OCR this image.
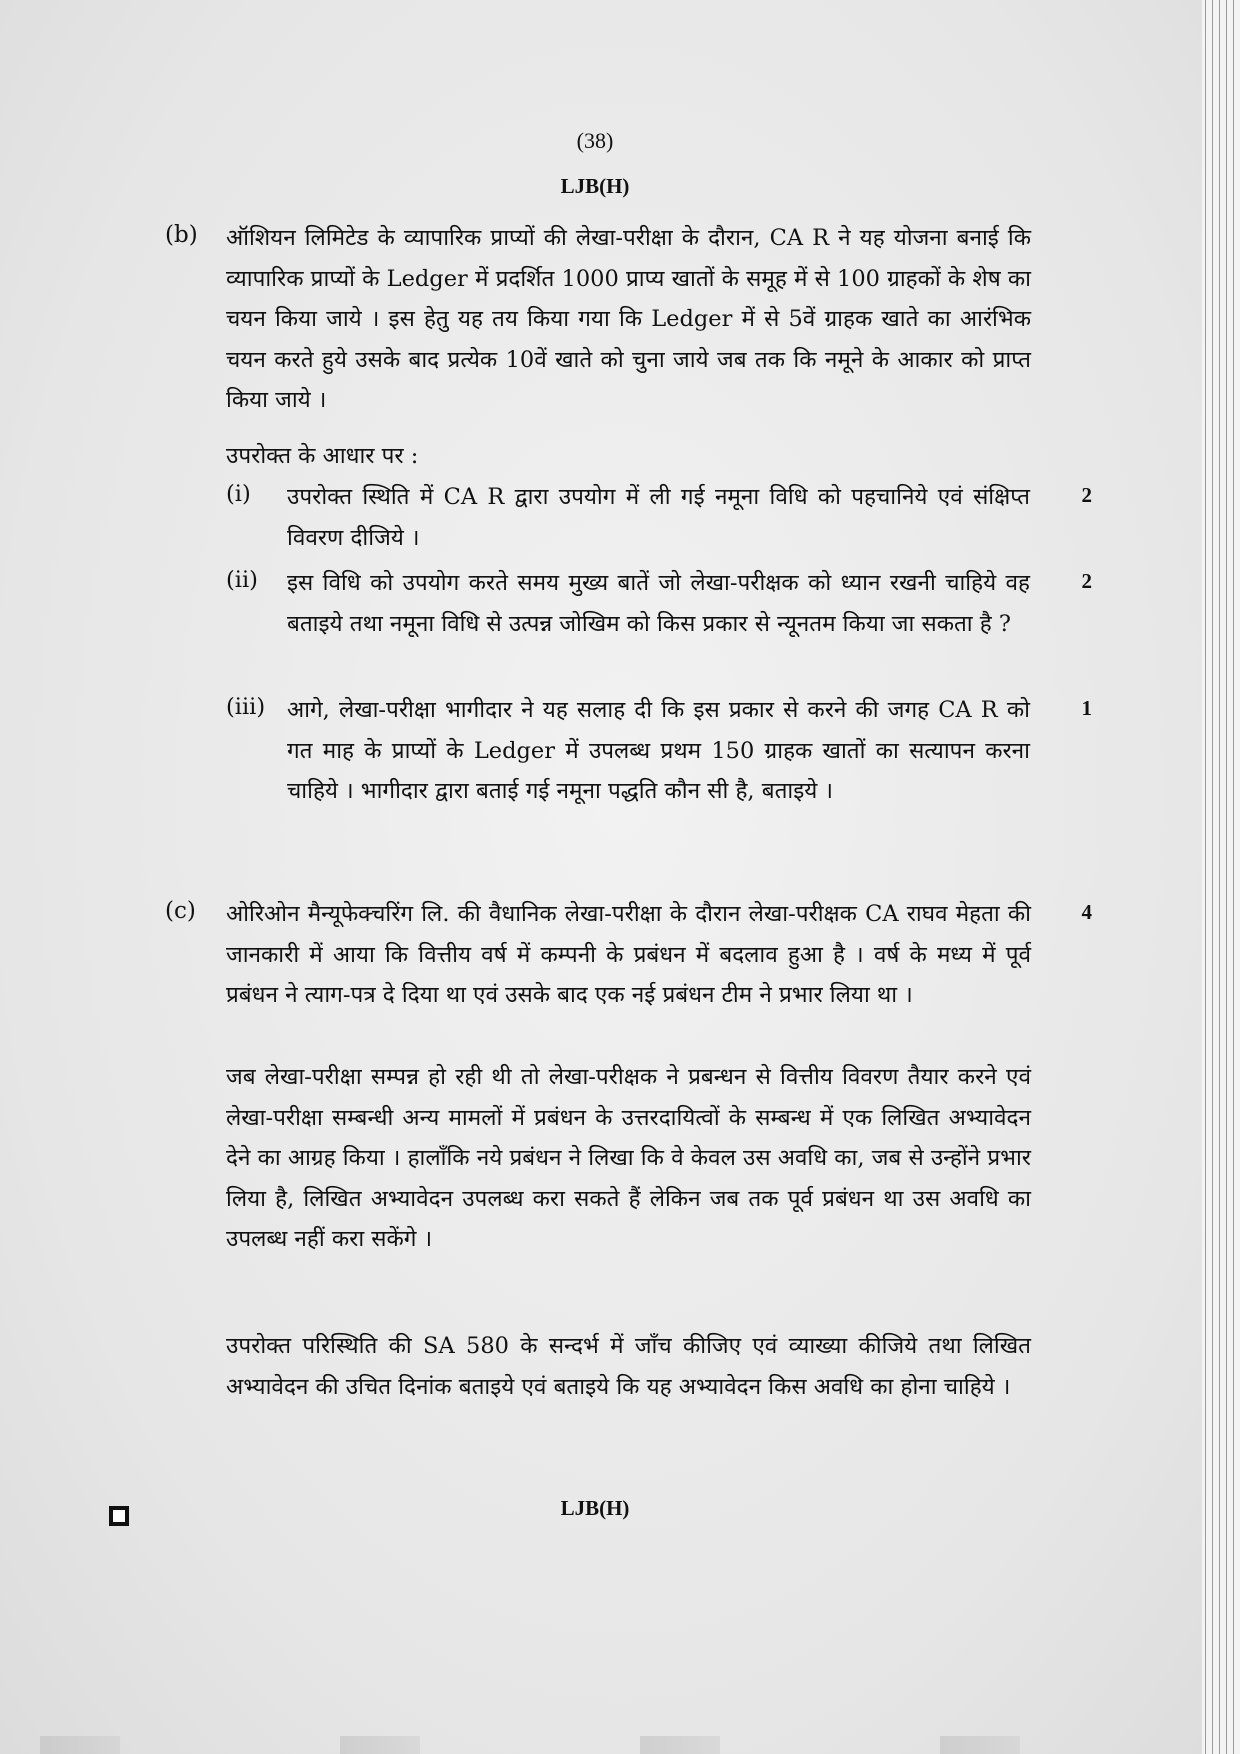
(38)
LJB(H)
(b) ऑशियन लिमिटेड के व्यापारिक प्राप्यों की लेखा-परीक्षा के दौरान, CA R ने यह योजना बनाई कि व्यापारिक प्राप्यों के Ledger में प्रदर्शित 1000 प्राप्य खातों के समूह में से 100 ग्राहकों के शेष का चयन किया जाये । इस हेतु यह तय किया गया कि Ledger में से 5वें ग्राहक खाते का आरंभिक चयन करते हुये उसके बाद प्रत्येक 10वें खाते को चुना जाये जब तक कि नमूने के आकार को प्राप्त किया जाये ।
उपरोक्त के आधार पर :
(i) उपरोक्त स्थिति में CA R द्वारा उपयोग में ली गई नमूना विधि को पहचानिये एवं संक्षिप्त विवरण दीजिये ।
2
(ii) इस विधि को उपयोग करते समय मुख्य बातें जो लेखा-परीक्षक को ध्यान रखनी चाहिये वह बताइये तथा नमूना विधि से उत्पन्न जोखिम को किस प्रकार से न्यूनतम किया जा सकता है ?
2
(iii) आगे, लेखा-परीक्षा भागीदार ने यह सलाह दी कि इस प्रकार से करने की जगह CA R को गत माह के प्राप्यों के Ledger में उपलब्ध प्रथम 150 ग्राहक खातों का सत्यापन करना चाहिये । भागीदार द्वारा बताई गई नमूना पद्धति कौन सी है, बताइये ।
1
(c)	4
ओरिओन मैन्यूफेक्चरिंग लि. की वैधानिक लेखा-परीक्षा के दौरान लेखा-परीक्षक CA राघव मेहता की जानकारी में आया कि वित्तीय वर्ष में कम्पनी के प्रबंधन में बदलाव हुआ है । वर्ष के मध्य में पूर्व प्रबंधन ने त्याग-पत्र दे दिया था एवं उसके बाद एक नई प्रबंधन टीम ने प्रभार लिया था ।
जब लेखा-परीक्षा सम्पन्न हो रही थी तो लेखा-परीक्षक ने प्रबन्धन से वित्तीय विवरण तैयार करने एवं लेखा-परीक्षा सम्बन्धी अन्य मामलों में प्रबंधन के उत्तरदायित्वों के सम्बन्ध में एक लिखित अभ्यावेदन देने का आग्रह किया । हालाँकि नये प्रबंधन ने लिखा कि वे केवल उस अवधि का, जब से उन्होंने प्रभार लिया है, लिखित अभ्यावेदन उपलब्ध करा सकते हैं लेकिन जब तक पूर्व प्रबंधन था उस अवधि का उपलब्ध नहीं करा सकेंगे ।
उपरोक्त परिस्थिति की SA 580 के सन्दर्भ में जाँच कीजिए एवं व्याख्या कीजिये तथा लिखित अभ्यावेदन की उचित दिनांक बताइये एवं बताइये कि यह अभ्यावेदन किस अवधि का होना चाहिये ।
LJB(H)
